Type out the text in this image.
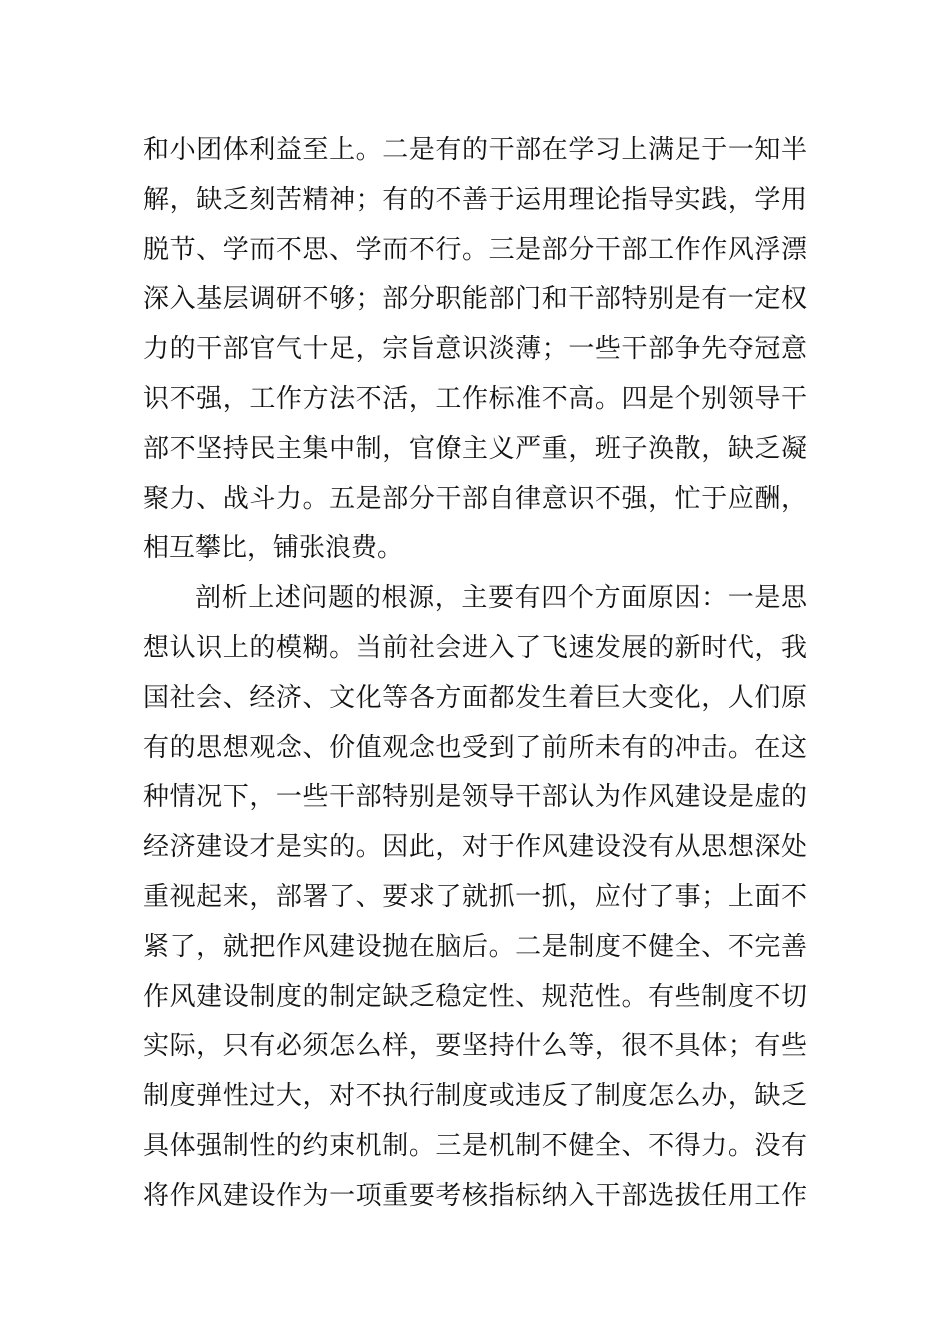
和小团体利益至上。二是有的干部在学习上满足于一知半
解，缺乏刻苦精神；有的不善于运用理论指导实践，学用
脱节、学而不思、学而不行。三是部分干部工作作风浮漂
深入基层调研不够；部分职能部门和干部特别是有一定权
力的干部官气十足，宗旨意识淡薄；一些干部争先夺冠意
识不强，工作方法不活，工作标准不高。四是个别领导干
部不坚持民主集中制，官僚主义严重，班子涣散，缺乏凝
聚力、战斗力。五是部分干部自律意识不强，忙于应酬，
相互攀比，铺张浪费。
剖析上述问题的根源，主要有四个方面原因：一是思
想认识上的模糊。当前社会进入了飞速发展的新时代，我
国社会、经济、文化等各方面都发生着巨大变化，人们原
有的思想观念、价值观念也受到了前所未有的冲击。在这
种情况下，一些干部特别是领导干部认为作风建设是虚的
经济建设才是实的。因此，对于作风建设没有从思想深处
重视起来，部署了、要求了就抓一抓，应付了事；上面不
紧了，就把作风建设抛在脑后。二是制度不健全、不完善
作风建设制度的制定缺乏稳定性、规范性。有些制度不切
实际，只有必须怎么样，要坚持什么等，很不具体；有些
制度弹性过大，对不执行制度或违反了制度怎么办，缺乏
具体强制性的约束机制。三是机制不健全、不得力。没有
将作风建设作为一项重要考核指标纳入干部选拔任用工作
